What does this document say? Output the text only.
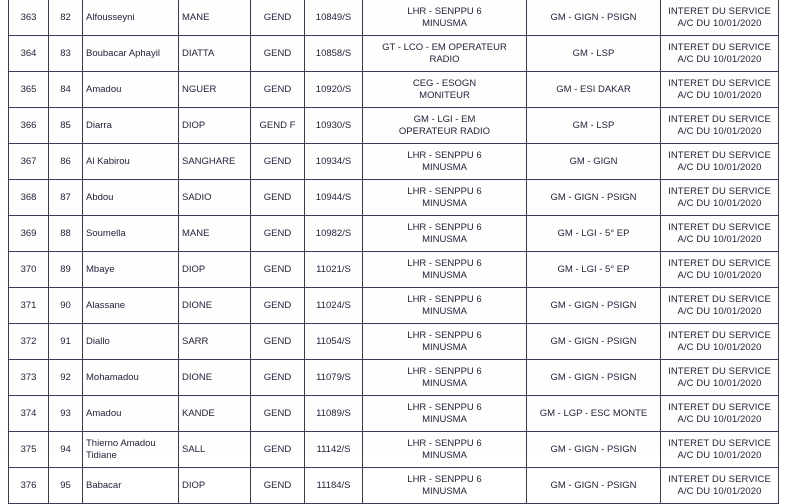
363	82	Alfousseyni	MANE	GEND	10849/S	LHR - SENPPU 6
MINUSMA	GM - GIGN - PSIGN	INTERET DU SERVICE
A/C DU 10/01/2020

364	83	Boubacar Aphayil	DIATTA	GEND	10858/S	GT - LCO - EM OPERATEUR
RADIO	GM - LSP	INTERET DU SERVICE
A/C DU 10/01/2020

365	84	Amadou	NGUER	GEND	10920/S	CEG - ESOGN
MONITEUR	GM - ESI DAKAR	INTERET DU SERVICE
A/C DU 10/01/2020

366	85	Diarra	DIOP	GEND F	10930/S	GM - LGI - EM
OPERATEUR RADIO	GM - LSP	INTERET DU SERVICE
A/C DU 10/01/2020

367	86	Al Kabirou	SANGHARE	GEND	10934/S	LHR - SENPPU 6
MINUSMA	GM - GIGN	INTERET DU SERVICE
A/C DU 10/01/2020

368	87	Abdou	SADIO	GEND	10944/S	LHR - SENPPU 6
MINUSMA	GM - GIGN - PSIGN	INTERET DU SERVICE
A/C DU 10/01/2020

369	88	Soumella	MANE	GEND	10982/S	LHR - SENPPU 6
MINUSMA	GM - LGI - 5° EP	INTERET DU SERVICE
A/C DU 10/01/2020

370	89	Mbaye	DIOP	GEND	11021/S	LHR - SENPPU 6
MINUSMA	GM - LGI - 5° EP	INTERET DU SERVICE
A/C DU 10/01/2020

371	90	Alassane	DIONE	GEND	11024/S	LHR - SENPPU 6
MINUSMA	GM - GIGN - PSIGN	INTERET DU SERVICE
A/C DU 10/01/2020

372	91	Diallo	SARR	GEND	11054/S	LHR - SENPPU 6
MINUSMA	GM - GIGN - PSIGN	INTERET DU SERVICE
A/C DU 10/01/2020

373	92	Mohamadou	DIONE	GEND	11079/S	LHR - SENPPU 6
MINUSMA	GM - GIGN - PSIGN	INTERET DU SERVICE
A/C DU 10/01/2020

374	93	Amadou	KANDE	GEND	11089/S	LHR - SENPPU 6
MINUSMA	GM - LGP - ESC MONTE	INTERET DU SERVICE
A/C DU 10/01/2020

375	94	Thierno Amadou Tidiane	SALL	GEND	11142/S	LHR - SENPPU 6
MINUSMA	GM - GIGN - PSIGN	INTERET DU SERVICE
A/C DU 10/01/2020

376	95	Babacar	DIOP	GEND	11184/S	LHR - SENPPU 6
MINUSMA	GM - GIGN - PSIGN	INTERET DU SERVICE
A/C DU 10/01/2020
